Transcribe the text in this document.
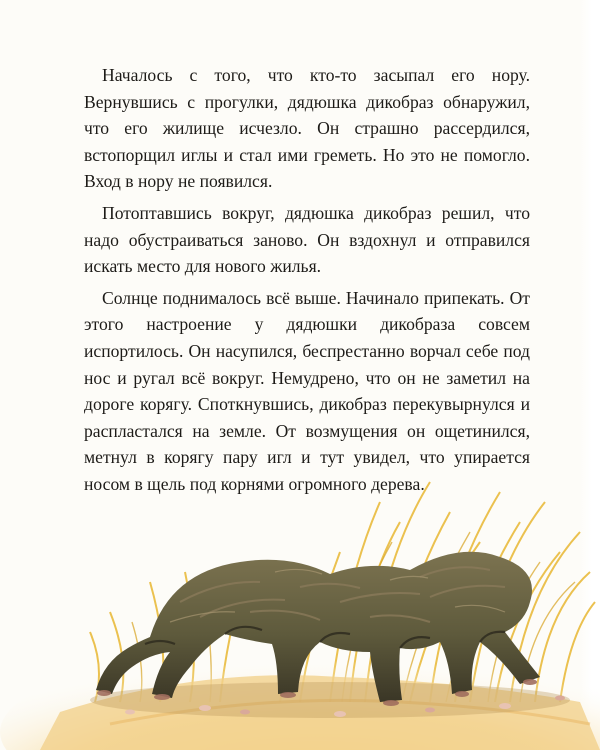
Началось с того, что кто-то засыпал его нору. Вернувшись с прогулки, дядюшка дикобраз обнаружил, что его жилище исчезло. Он страшно рассердился, встопорщил иглы и стал ими греметь. Но это не помогло. Вход в нору не появился.

Потоптавшись вокруг, дядюшка дикобраз решил, что надо обустраиваться заново. Он вздохнул и отправился искать место для нового жилья.

Солнце поднималось всё выше. Начинало припекать. От этого настроение у дядюшки дикобраза совсем испортилось. Он насупился, беспрестанно ворчал себе под нос и ругал всё вокруг. Немудрено, что он не заметил на дороге корягу. Споткнувшись, дикобраз перекувырнулся и распластался на земле. От возмущения он ощетинился, метнул в корягу пару игл и тут увидел, что упирается носом в щель под корнями огромного дерева.
